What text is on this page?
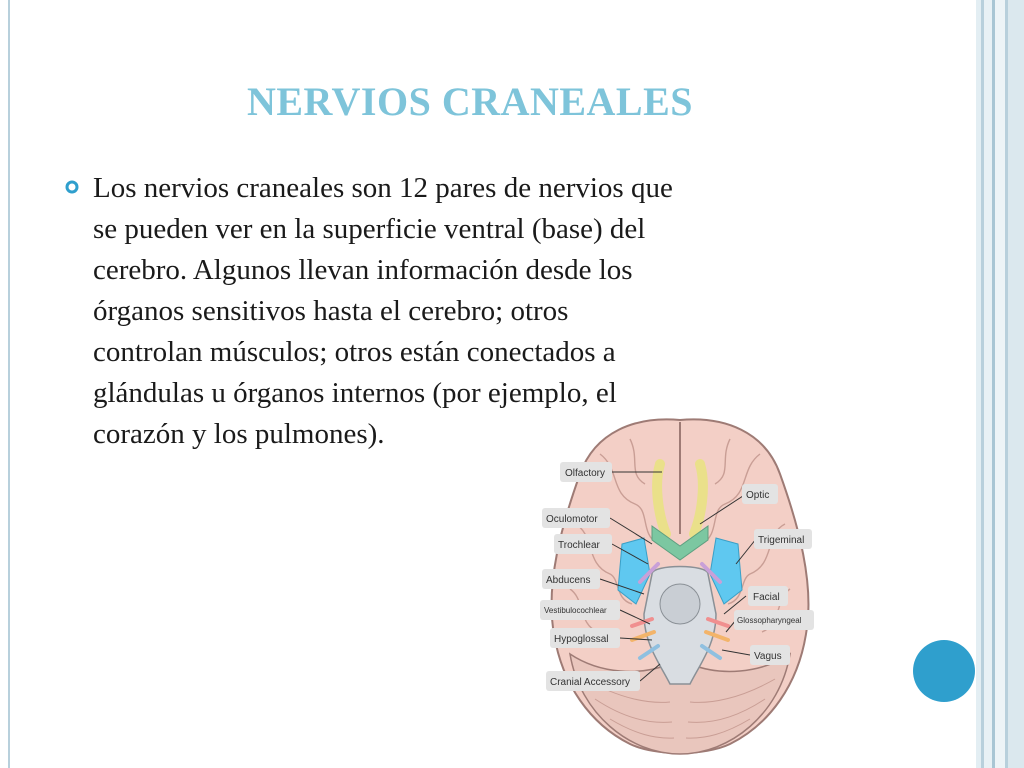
NERVIOS CRANEALES
Los nervios craneales son 12 pares de nervios que
se pueden ver en la superficie ventral (base) del
cerebro. Algunos llevan información desde los
órganos sensitivos hasta el cerebro; otros
controlan músculos; otros están conectados a
glándulas u órganos internos (por ejemplo, el
corazón y los pulmones).
Olfactory
Optic
Oculomotor
Trochlear	Trigeminal
Abducens
Facial
Vestibulocochlear
Glossopharyngeal
Hypoglossal
Vagus
Cranial Accessory
